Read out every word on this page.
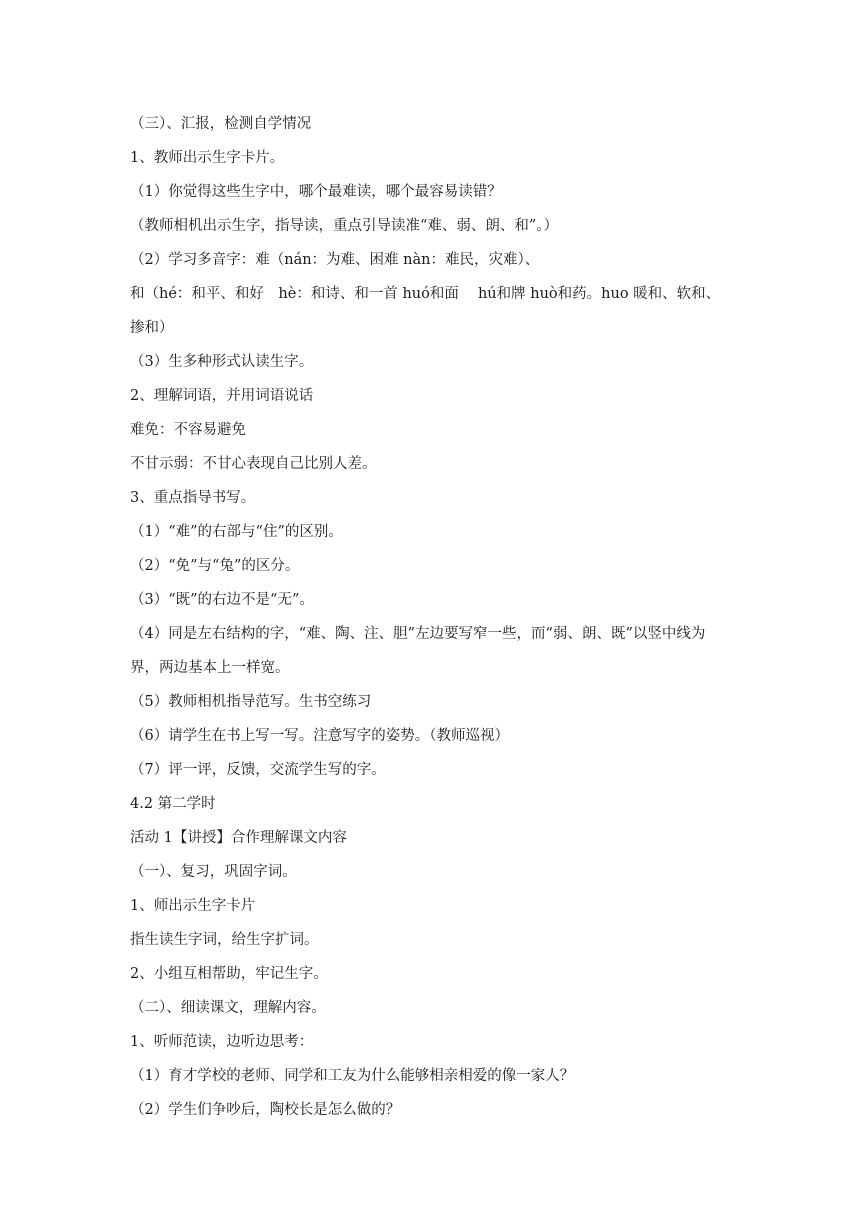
（三）、汇报，检测自学情况
1、教师出示生字卡片。
（1）你觉得这些生字中，哪个最难读，哪个最容易读错？
（教师相机出示生字，指导读，重点引导读准“难、弱、朗、和”。）
（2）学习多音字：难（nán：为难、困难 nàn：难民，灾难）、
和（hé：和平、和好　hè：和诗、和一首 huó和面　 hú和牌 huò和药。huo 暖和、软和、掺和）
（3）生多种形式认读生字。
2、理解词语，并用词语说话
难免：不容易避免
不甘示弱：不甘心表现自己比别人差。
3、重点指导书写。
（1）“难”的右部与“住”的区别。
（2）“免”与“兔”的区分。
（3）“既”的右边不是“无”。
（4）同是左右结构的字，“难、陶、注、胆”左边要写窄一些，而“弱、朗、既”以竖中线为界，两边基本上一样宽。
（5）教师相机指导范写。生书空练习
（6）请学生在书上写一写。注意写字的姿势。（教师巡视）
（7）评一评，反馈，交流学生写的字。
4.2 第二学时
活动 1【讲授】合作理解课文内容
（一）、复习，巩固字词。
1、师出示生字卡片
指生读生字词，给生字扩词。
2、小组互相帮助，牢记生字。
（二）、细读课文，理解内容。
1、听师范读，边听边思考：
（1）育才学校的老师、同学和工友为什么能够相亲相爱的像一家人？
（2）学生们争吵后，陶校长是怎么做的？
